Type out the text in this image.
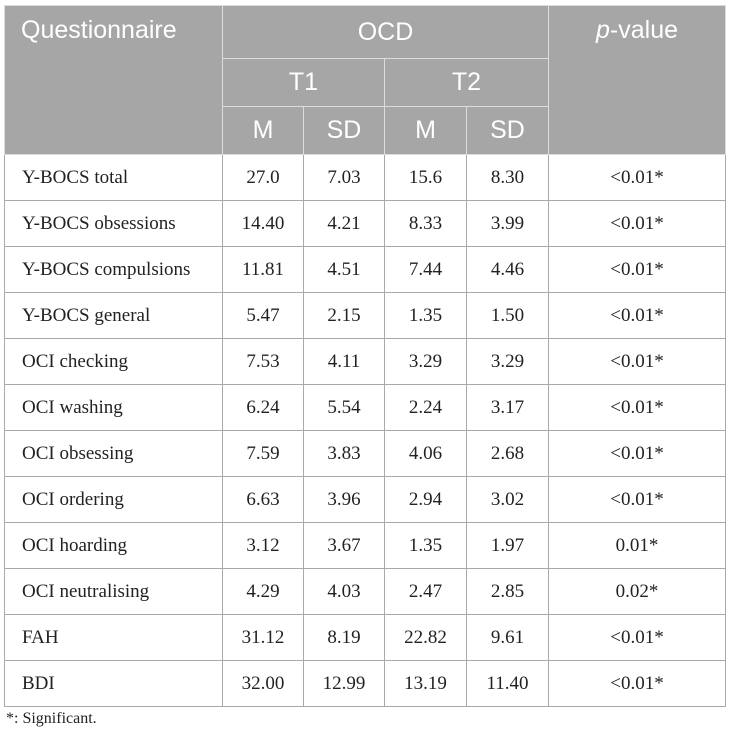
Questionnaire	OCD				p-value
	T1		T2		
	M	SD	M	SD	
Y-BOCS total	27.0	7.03	15.6	8.30	<0.01*
Y-BOCS obsessions	14.40	4.21	8.33	3.99	<0.01*
Y-BOCS compulsions	11.81	4.51	7.44	4.46	<0.01*
Y-BOCS general	5.47	2.15	1.35	1.50	<0.01*
OCI checking	7.53	4.11	3.29	3.29	<0.01*
OCI washing	6.24	5.54	2.24	3.17	<0.01*
OCI obsessing	7.59	3.83	4.06	2.68	<0.01*
OCI ordering	6.63	3.96	2.94	3.02	<0.01*
OCI hoarding	3.12	3.67	1.35	1.97	0.01*
OCI neutralising	4.29	4.03	2.47	2.85	0.02*
FAH	31.12	8.19	22.82	9.61	<0.01*
BDI	32.00	12.99	13.19	11.40	<0.01*
*: Significant.
